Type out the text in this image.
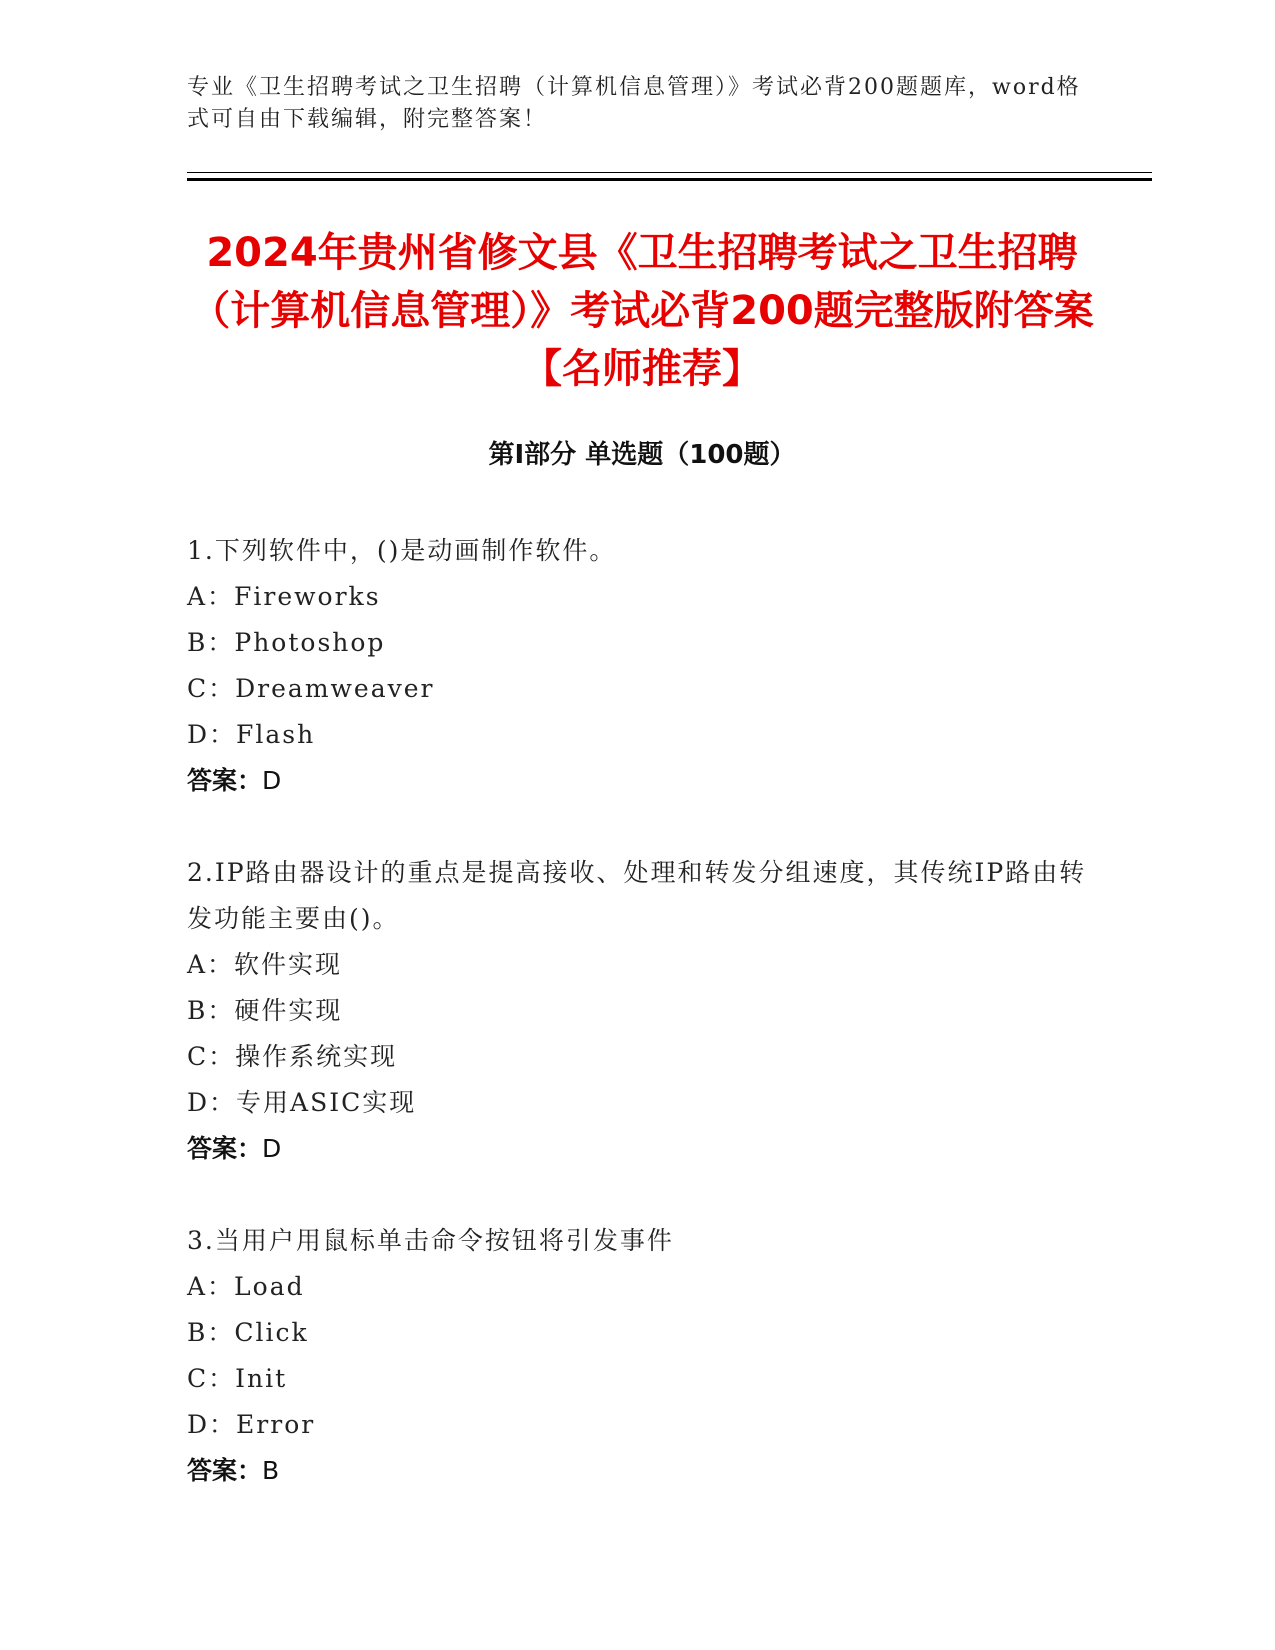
专业《卫生招聘考试之卫生招聘（计算机信息管理）》考试必背200题题库，word格式可自由下载编辑，附完整答案！
2024年贵州省修文县《卫生招聘考试之卫生招聘（计算机信息管理）》考试必背200题完整版附答案【名师推荐】
第Ⅰ部分 单选题（100题）

1.下列软件中，()是动画制作软件。

A：Fireworks

B：Photoshop

C：Dreamweaver

D：Flash

答案：D

2.IP路由器设计的重点是提高接收、处理和转发分组速度，其传统IP路由转发功能主要由()。

A：软件实现

B：硬件实现

C：操作系统实现

D：专用ASIC实现

答案：D

3.当用户用鼠标单击命令按钮将引发事件

A：Load

B：Click

C：Init

D：Error

答案：B
